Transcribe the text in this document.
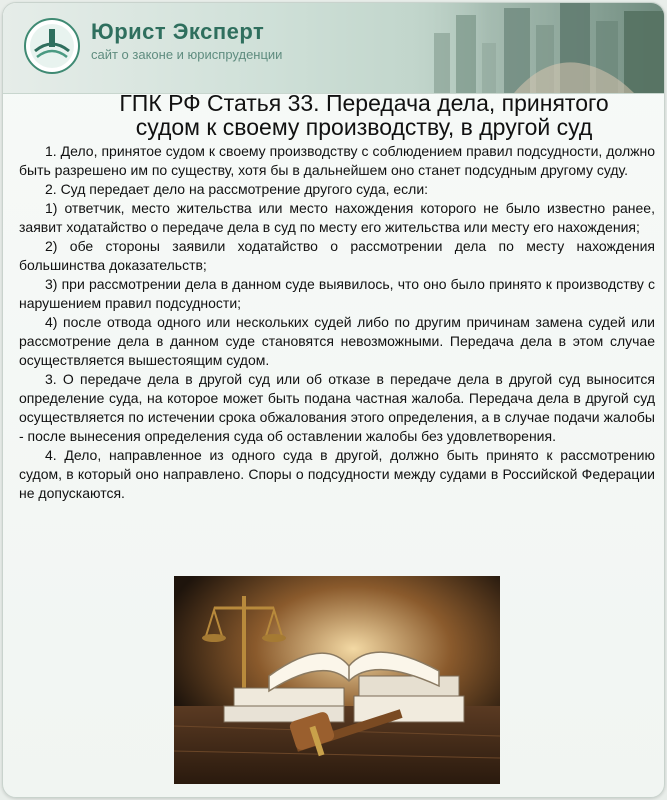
Юрист Эксперт
сайт о законе и юриспруденции
ГПК РФ Статья 33. Передача дела, принятого
судом к своему производству, в другой суд

1. Дело, принятое судом к своему производству с соблюдением правил подсудности, должно быть разрешено им по существу, хотя бы в дальнейшем оно станет подсудным другому суду.

2. Суд передает дело на рассмотрение другого суда, если:

1) ответчик, место жительства или место нахождения которого не было известно ранее, заявит ходатайство о передаче дела в суд по месту его жительства или месту его нахождения;

2) обе стороны заявили ходатайство о рассмотрении дела по месту нахождения большинства доказательств;

3) при рассмотрении дела в данном суде выявилось, что оно было принято к производству с нарушением правил подсудности;

4) после отвода одного или нескольких судей либо по другим причинам замена судей или рассмотрение дела в данном суде становятся невозможными. Передача дела в этом случае осуществляется вышестоящим судом.

3. О передаче дела в другой суд или об отказе в передаче дела в другой суд выносится определение суда, на которое может быть подана частная жалоба. Передача дела в другой суд осуществляется по истечении срока обжалования этого определения, а в случае подачи жалобы - после вынесения определения суда об оставлении жалобы без удовлетворения.

4. Дело, направленное из одного суда в другой, должно быть принято к рассмотрению судом, в который оно направлено. Споры о подсудности между судами в Российской Федерации не допускаются.
